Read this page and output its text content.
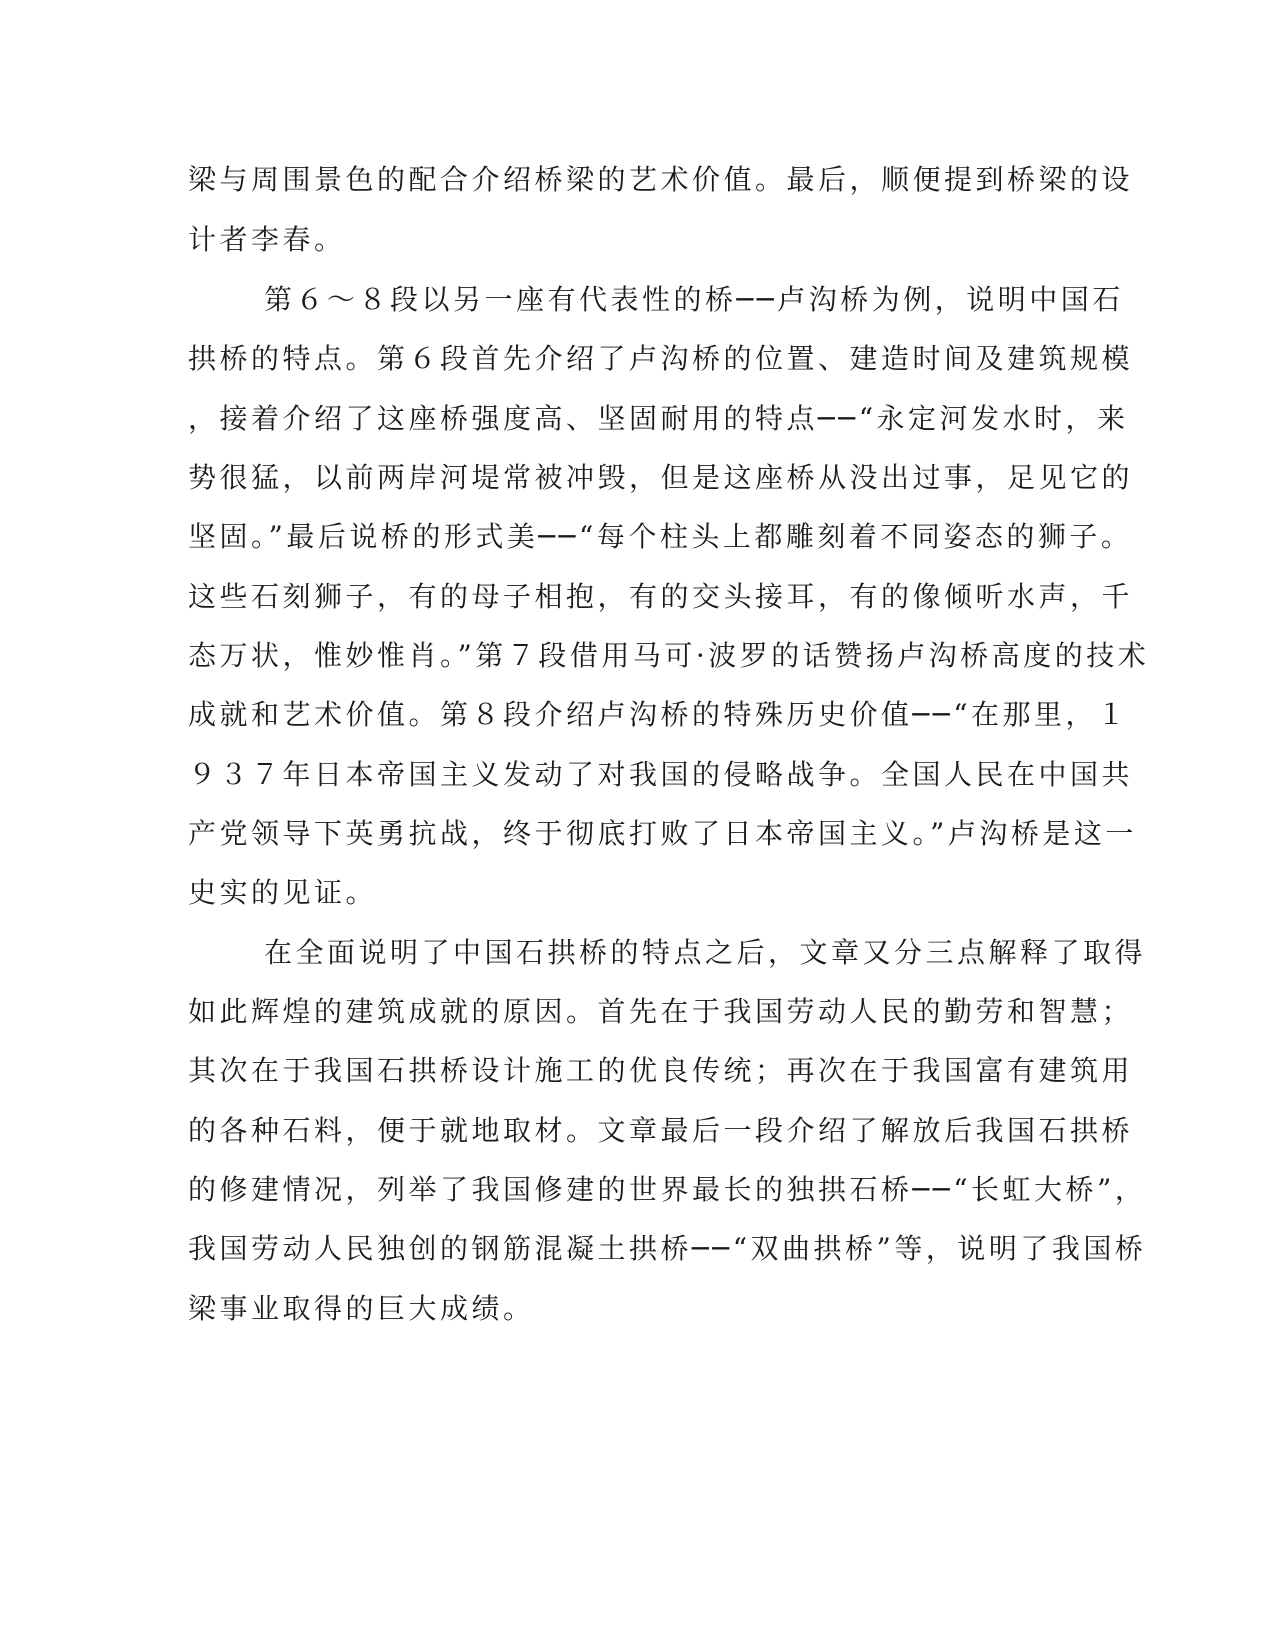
梁与周围景色的配合介绍桥梁的艺术价值。最后，顺便提到桥梁的设

计者李春。

第６～８段以另一座有代表性的桥──卢沟桥为例，说明中国石

拱桥的特点。第６段首先介绍了卢沟桥的位置、建造时间及建筑规模

，接着介绍了这座桥强度高、坚固耐用的特点──“永定河发水时，来

势很猛，以前两岸河堤常被冲毁，但是这座桥从没出过事，足见它的

坚固。”最后说桥的形式美──“每个柱头上都雕刻着不同姿态的狮子。

这些石刻狮子，有的母子相抱，有的交头接耳，有的像倾听水声，千

态万状，惟妙惟肖。”第７段借用马可·波罗的话赞扬卢沟桥高度的技术

成就和艺术价值。第８段介绍卢沟桥的特殊历史价值──“在那里，１

９３７年日本帝国主义发动了对我国的侵略战争。全国人民在中国共

产党领导下英勇抗战，终于彻底打败了日本帝国主义。”卢沟桥是这一

史实的见证。

在全面说明了中国石拱桥的特点之后，文章又分三点解释了取得

如此辉煌的建筑成就的原因。首先在于我国劳动人民的勤劳和智慧；

其次在于我国石拱桥设计施工的优良传统；再次在于我国富有建筑用

的各种石料，便于就地取材。文章最后一段介绍了解放后我国石拱桥

的修建情况，列举了我国修建的世界最长的独拱石桥──“长虹大桥”，

我国劳动人民独创的钢筋混凝土拱桥──“双曲拱桥”等，说明了我国桥

梁事业取得的巨大成绩。
